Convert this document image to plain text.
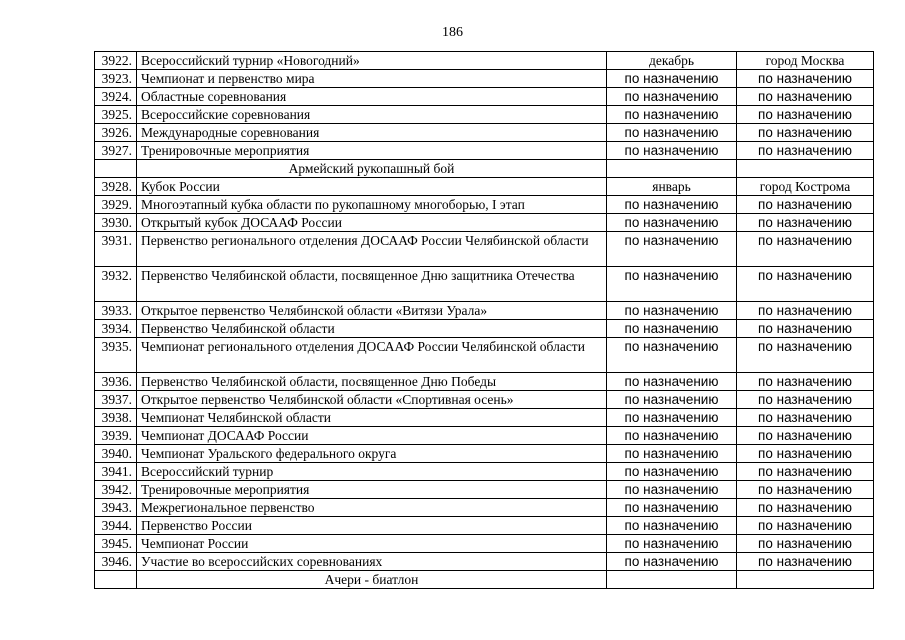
186
3922.	Всероссийский турнир «Новогодний»	декабрь	город Москва
3923.	Чемпионат и первенство мира	по назначению	по назначению
3924.	Областные соревнования	по назначению	по назначению
3925.	Всероссийские соревнования	по назначению	по назначению
3926.	Международные соревнования	по назначению	по назначению
3927.	Тренировочные мероприятия	по назначению	по назначению
	Армейский рукопашный бой		
3928.	Кубок России	январь	город Кострома
3929.	Многоэтапный кубка области по рукопашному многоборью, I этап	по назначению	по назначению
3930.	Открытый кубок ДОСААФ России	по назначению	по назначению
3931.	Первенство регионального отделения ДОСААФ России Челябинской области	по назначению	по назначению
3932.	Первенство Челябинской области, посвященное Дню защитника Отечества	по назначению	по назначению
3933.	Открытое первенство Челябинской области «Витязи Урала»	по назначению	по назначению
3934.	Первенство Челябинской области	по назначению	по назначению
3935.	Чемпионат регионального отделения ДОСААФ России Челябинской области	по назначению	по назначению
3936.	Первенство Челябинской области, посвященное Дню Победы	по назначению	по назначению
3937.	Открытое первенство Челябинской области «Спортивная осень»	по назначению	по назначению
3938.	Чемпионат Челябинской области	по назначению	по назначению
3939.	Чемпионат ДОСААФ России	по назначению	по назначению
3940.	Чемпионат Уральского федерального округа	по назначению	по назначению
3941.	Всероссийский турнир	по назначению	по назначению
3942.	Тренировочные мероприятия	по назначению	по назначению
3943.	Межрегиональное первенство	по назначению	по назначению
3944.	Первенство России	по назначению	по назначению
3945.	Чемпионат России	по назначению	по назначению
3946.	Участие во всероссийских соревнованиях	по назначению	по назначению
	Ачери - биатлон		
